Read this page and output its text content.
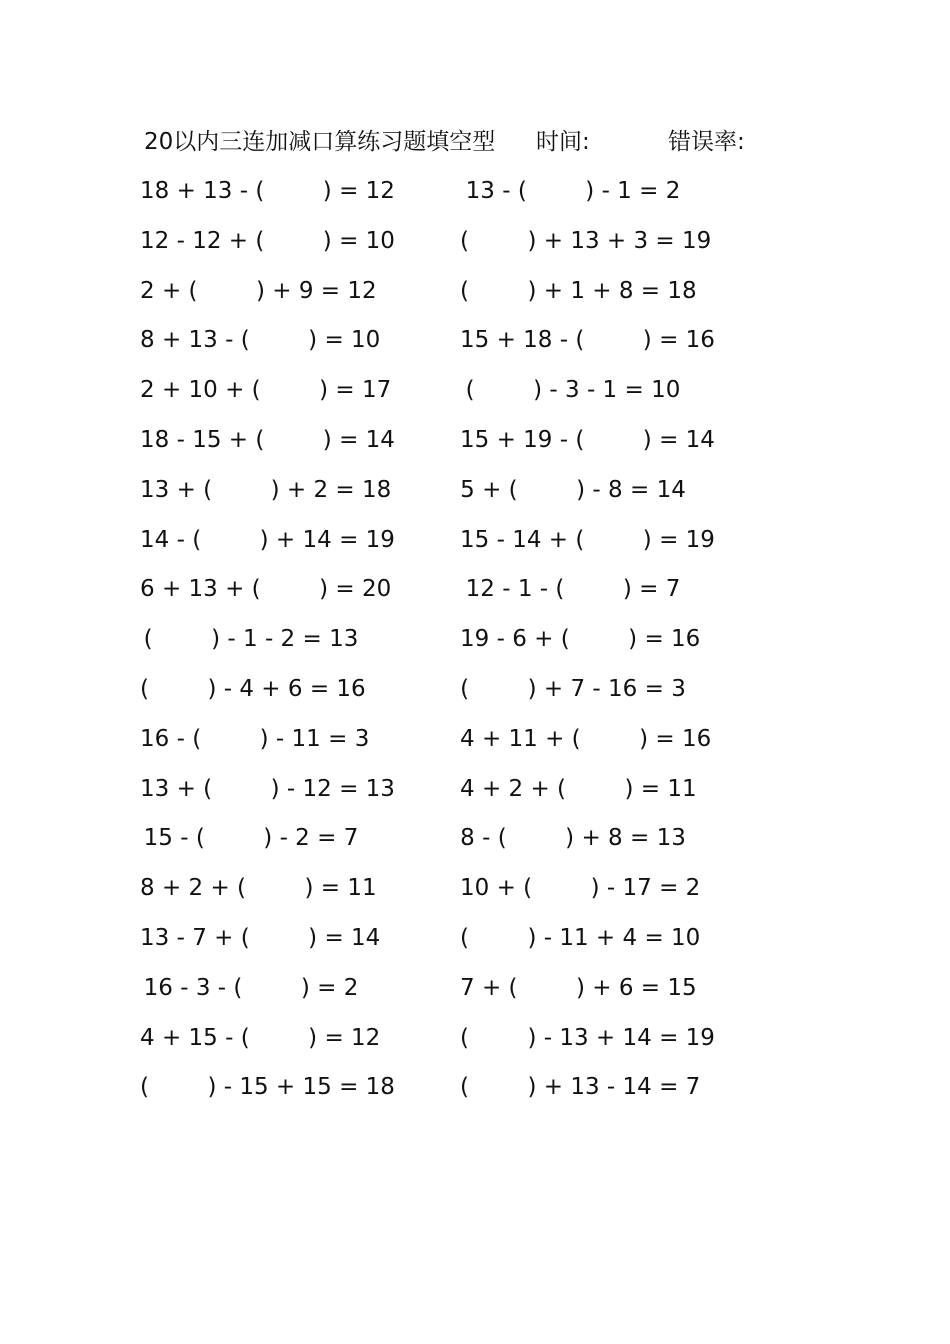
20以内三连加减口算练习题填空型 时间:	错误率:
18 + 13 - (        ) = 12	13 - (        ) - 1 = 2
12 - 12 + (        ) = 10	(        ) + 13 + 3 = 19
2 + (        ) + 9 = 12	(        ) + 1 + 8 = 18
8 + 13 - (        ) = 10	15 + 18 - (        ) = 16
2 + 10 + (        ) = 17	(        ) - 3 - 1 = 10
18 - 15 + (        ) = 14	15 + 19 - (        ) = 14
13 + (        ) + 2 = 18	5 + (        ) - 8 = 14
14 - (        ) + 14 = 19	15 - 14 + (        ) = 19
6 + 13 + (        ) = 20	12 - 1 - (        ) = 7
(        ) - 1 - 2 = 13	19 - 6 + (        ) = 16
(        ) - 4 + 6 = 16	(        ) + 7 - 16 = 3
16 - (        ) - 11 = 3	4 + 11 + (        ) = 16
13 + (        ) - 12 = 13	4 + 2 + (        ) = 11
15 - (        ) - 2 = 7	8 - (        ) + 8 = 13
8 + 2 + (        ) = 11	10 + (        ) - 17 = 2
13 - 7 + (        ) = 14	(        ) - 11 + 4 = 10
16 - 3 - (        ) = 2	7 + (        ) + 6 = 15
4 + 15 - (        ) = 12	(        ) - 13 + 14 = 19
(        ) - 15 + 15 = 18	(        ) + 13 - 14 = 7
